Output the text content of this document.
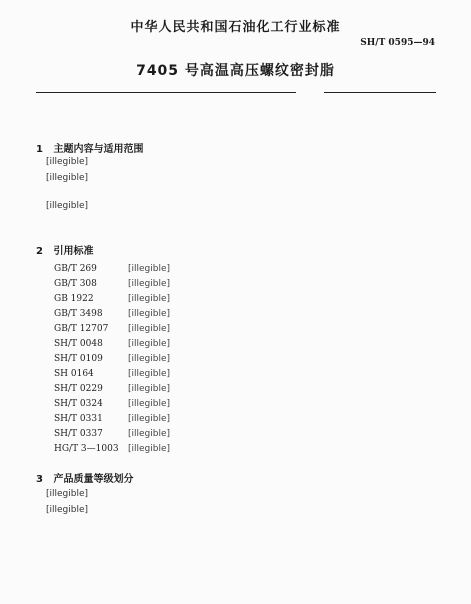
中华人民共和国石油化工行业标准
SH/T 0595—94
7405 号高温高压螺纹密封脂
1 主题内容与适用范围
[illegible]
[illegible]
[illegible]
2 引用标准
GB/T 269	[illegible]
GB/T 308	[illegible]
GB 1922	[illegible]
GB/T 3498	[illegible]
GB/T 12707 [illegible]
SH/T 0048	[illegible]
SH/T 0109	[illegible]
SH 0164	[illegible]
SH/T 0229	[illegible]
SH/T 0324	[illegible]
SH/T 0331	[illegible]
SH/T 0337	[illegible]
HG/T 3—1003 [illegible]
3 产品质量等级划分
[illegible]
[illegible]
